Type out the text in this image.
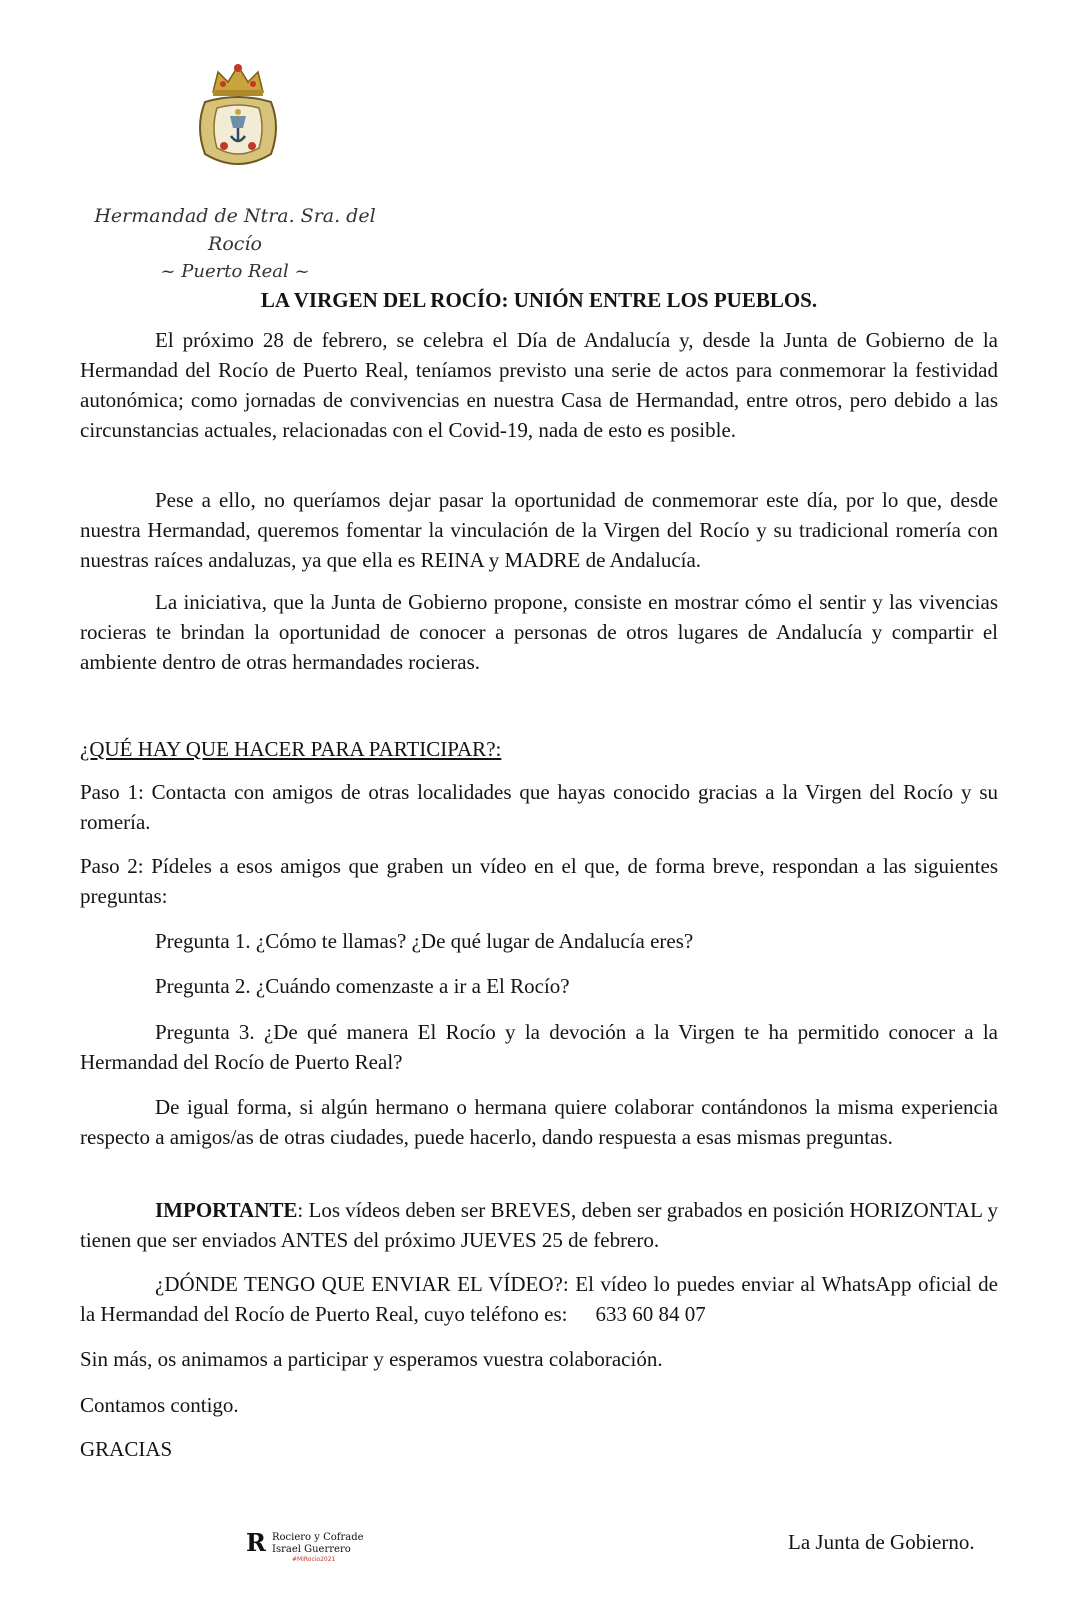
Hermandad de Ntra. Sra. del Rocío
~ Puerto Real ~
LA VIRGEN DEL ROCÍO: UNIÓN ENTRE LOS PUEBLOS.

El próximo 28 de febrero, se celebra el Día de Andalucía y, desde la Junta de Gobierno de la Hermandad del Rocío de Puerto Real, teníamos previsto una serie de actos para conmemorar la festividad autonómica; como jornadas de convivencias en nuestra Casa de Hermandad, entre otros, pero debido a las circunstancias actuales, relacionadas con el Covid-19, nada de esto es posible.

Pese a ello, no queríamos dejar pasar la oportunidad de conmemorar este día, por lo que, desde nuestra Hermandad, queremos fomentar la vinculación de la Virgen del Rocío y su tradicional romería con nuestras raíces andaluzas, ya que ella es REINA y MADRE de Andalucía.

La iniciativa, que la Junta de Gobierno propone, consiste en mostrar cómo el sentir y las vivencias rocieras te brindan la oportunidad de conocer a personas de otros lugares de Andalucía y compartir el ambiente dentro de otras hermandades rocieras.

¿QUÉ HAY QUE HACER PARA PARTICIPAR?:

Paso 1: Contacta con amigos de otras localidades que hayas conocido gracias a la Virgen del Rocío y su romería.

Paso 2: Pídeles a esos amigos que graben un vídeo en el que, de forma breve, respondan a las siguientes preguntas:

Pregunta 1. ¿Cómo te llamas? ¿De qué lugar de Andalucía eres?

Pregunta 2. ¿Cuándo comenzaste a ir a El Rocío?

Pregunta 3. ¿De qué manera El Rocío y la devoción a la Virgen te ha permitido conocer a la Hermandad del Rocío de Puerto Real?

De igual forma, si algún hermano o hermana quiere colaborar contándonos la misma experiencia respecto a amigos/as de otras ciudades, puede hacerlo, dando respuesta a esas mismas preguntas.

IMPORTANTE: Los vídeos deben ser BREVES, deben ser grabados en posición HORIZONTAL y tienen que ser enviados ANTES del próximo JUEVES 25 de febrero.

¿DÓNDE TENGO QUE ENVIAR EL VÍDEO?: El vídeo lo puedes enviar al WhatsApp oficial de la Hermandad del Rocío de Puerto Real, cuyo teléfono es: 633 60 84 07

Sin más, os animamos a participar y esperamos vuestra colaboración.

Contamos contigo.

GRACIAS

La Junta de Gobierno.
R Rociero y Cofrade
Israel Guerrero
#MiRocio2021
